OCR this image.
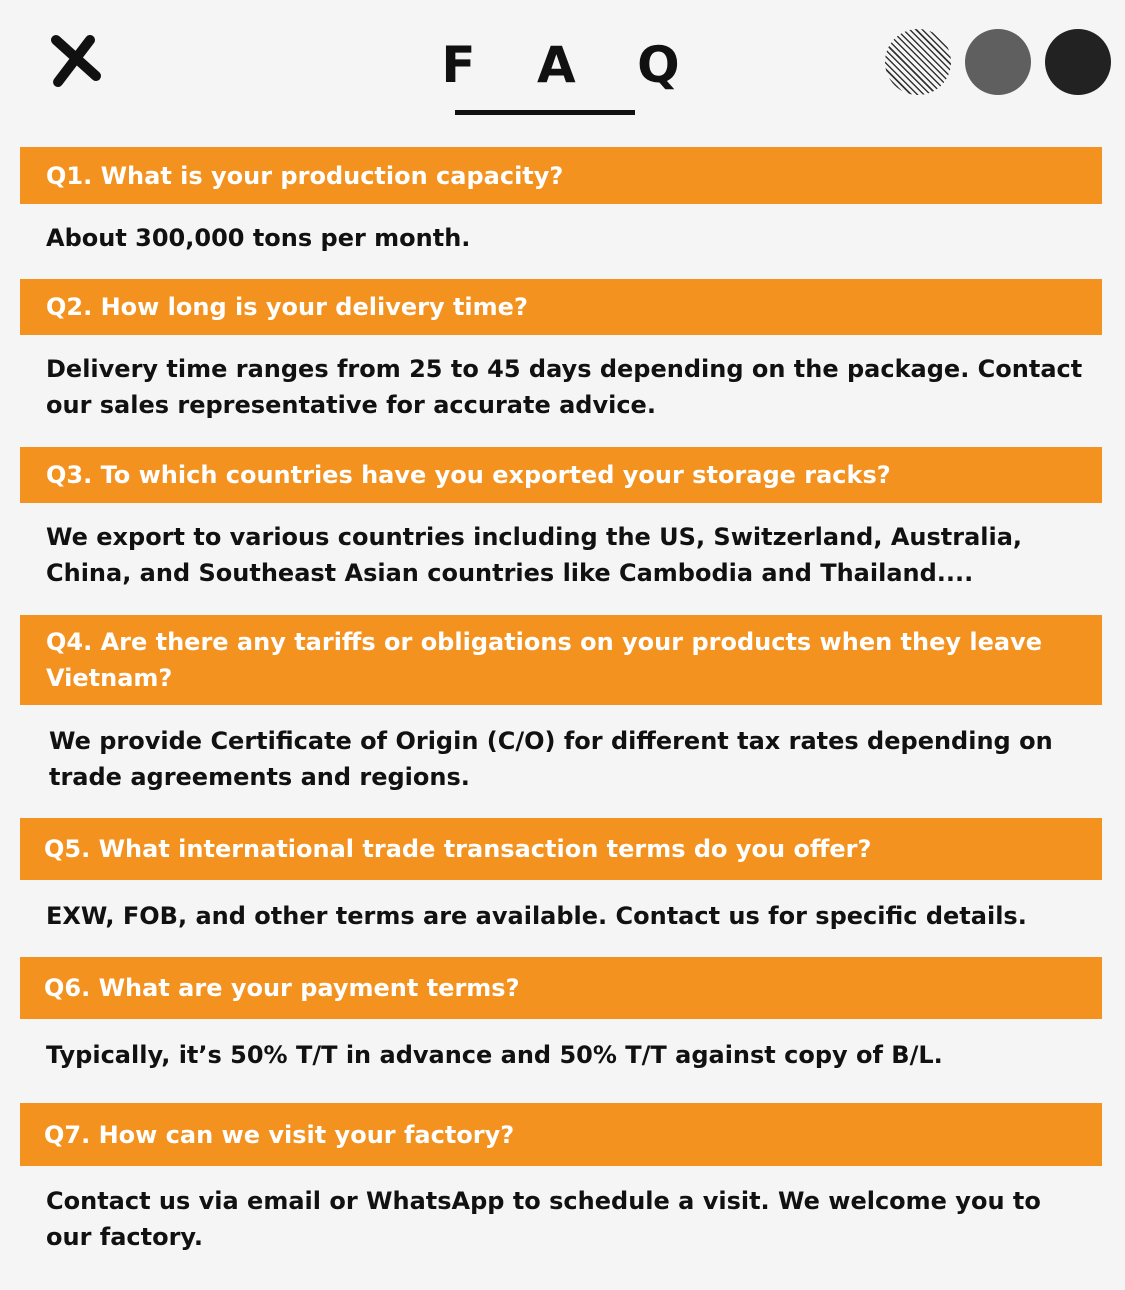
F A Q
Q1. What is your production capacity?
About 300,000 tons per month.
Q2. How long is your delivery time?
Delivery time ranges from 25 to 45 days depending on the package. Contact our sales representative for accurate advice.
Q3. To which countries have you exported your storage racks?
We export to various countries including the US, Switzerland, Australia, China, and Southeast Asian countries like Cambodia and Thailand....
Q4. Are there any tariffs or obligations on your products when they leave Vietnam?
We provide Certificate of Origin (C/O) for different tax rates depending on trade agreements and regions.
Q5. What international trade transaction terms do you offer?
EXW, FOB, and other terms are available. Contact us for specific details.
Q6. What are your payment terms?
Typically, it’s 50% T/T in advance and 50% T/T against copy of B/L.
Q7. How can we visit your factory?
Contact us via email or WhatsApp to schedule a visit. We welcome you to our factory.
